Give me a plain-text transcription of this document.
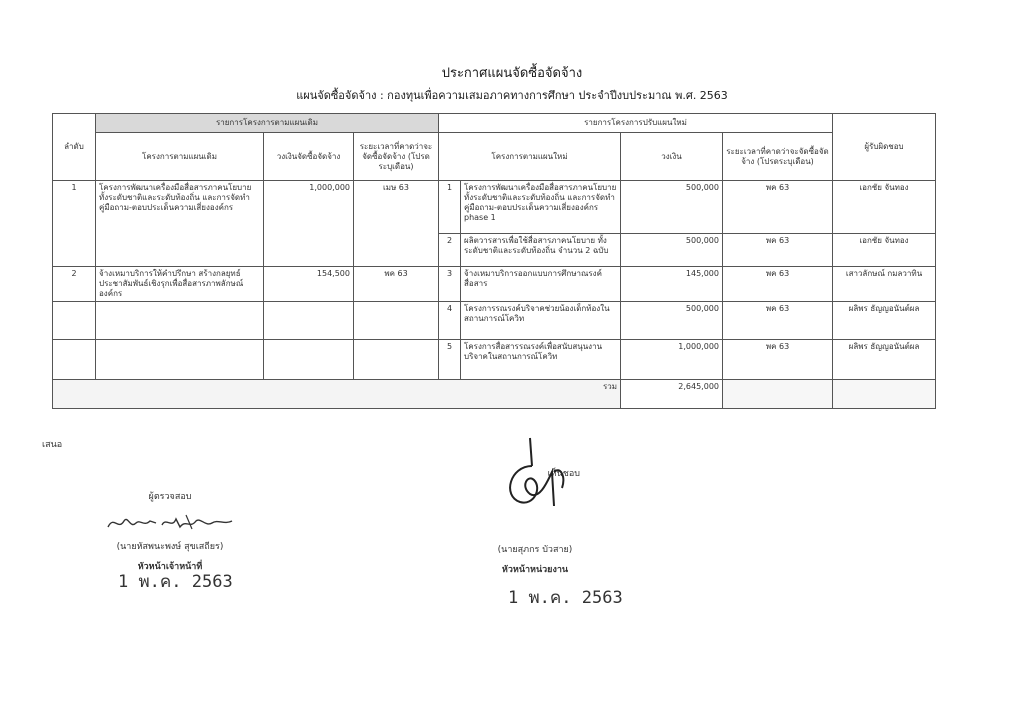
ประกาศแผนจัดซื้อจัดจ้าง
แผนจัดซื้อจัดจ้าง : กองทุนเพื่อความเสมอภาคทางการศึกษา ประจำปีงบประมาณ พ.ศ. 2563
ลำดับ	รายการโครงการตามแผนเดิม			รายการโครงการปรับแผนใหม่				ผู้รับผิดชอบ
	โครงการตามแผนเดิม	วงเงินจัดซื้อจัดจ้าง	ระยะเวลาที่คาดว่าจะจัดซื้อจัดจ้าง (โปรดระบุเดือน)	โครงการตามแผนใหม่		วงเงิน	ระยะเวลาที่คาดว่าจะจัดซื้อจัดจ้าง (โปรดระบุเดือน)	
1	โครงการพัฒนาเครื่องมือสื่อสารภาคนโยบาย ทั้งระดับชาติและระดับท้องถิ่น และการจัดทำ คู่มือถาม-ตอบประเด็นความเสี่ยงองค์กร	1,000,000	เมษ 63	1	โครงการพัฒนาเครื่องมือสื่อสารภาคนโยบาย ทั้งระดับชาติและระดับท้องถิ่น และการจัดทำ คู่มือถาม-ตอบประเด็นความเสี่ยงองค์กร phase 1	500,000	พค 63	เอกชัย จันทอง
				2	ผลิตวารสารเพื่อใช้สื่อสารภาคนโยบาย ทั้งระดับชาติและระดับท้องถิ่น จำนวน 2 ฉบับ	500,000	พค 63	เอกชัย จันทอง
2	จ้างเหมาบริการให้คำปรึกษา สร้างกลยุทธ์ ประชาสัมพันธ์เชิงรุกเพื่อสื่อสารภาพลักษณ์องค์กร	154,500	พค 63	3	จ้างเหมาบริการออกแบบการศึกษาณรงค์สื่อสาร	145,000	พค 63	เสาวลักษณ์ กมลวาทิน
				4	โครงการรณรงค์บริจาคช่วยน้องเด็กท้องในสถานการณ์โควิท	500,000	พค 63	ผลิพร ธัญญอนันต์ผล
				5	โครงการสื่อสารรณรงค์เพื่อสนับสนุนงานบริจาคในสถานการณ์โควิท	1,000,000	พค 63	ผลิพร ธัญญอนันต์ผล
รวม						2,645,000		
เสนอ
ผู้ตรวจสอบ
(นายหัสพนะพงษ์ สุขเสถียร)
หัวหน้าเจ้าหน้าที่
1 พ.ค. 2563
เห็นชอบ
(นายสุภกร บัวสาย)
หัวหน้าหน่วยงาน
1 พ.ค. 2563
